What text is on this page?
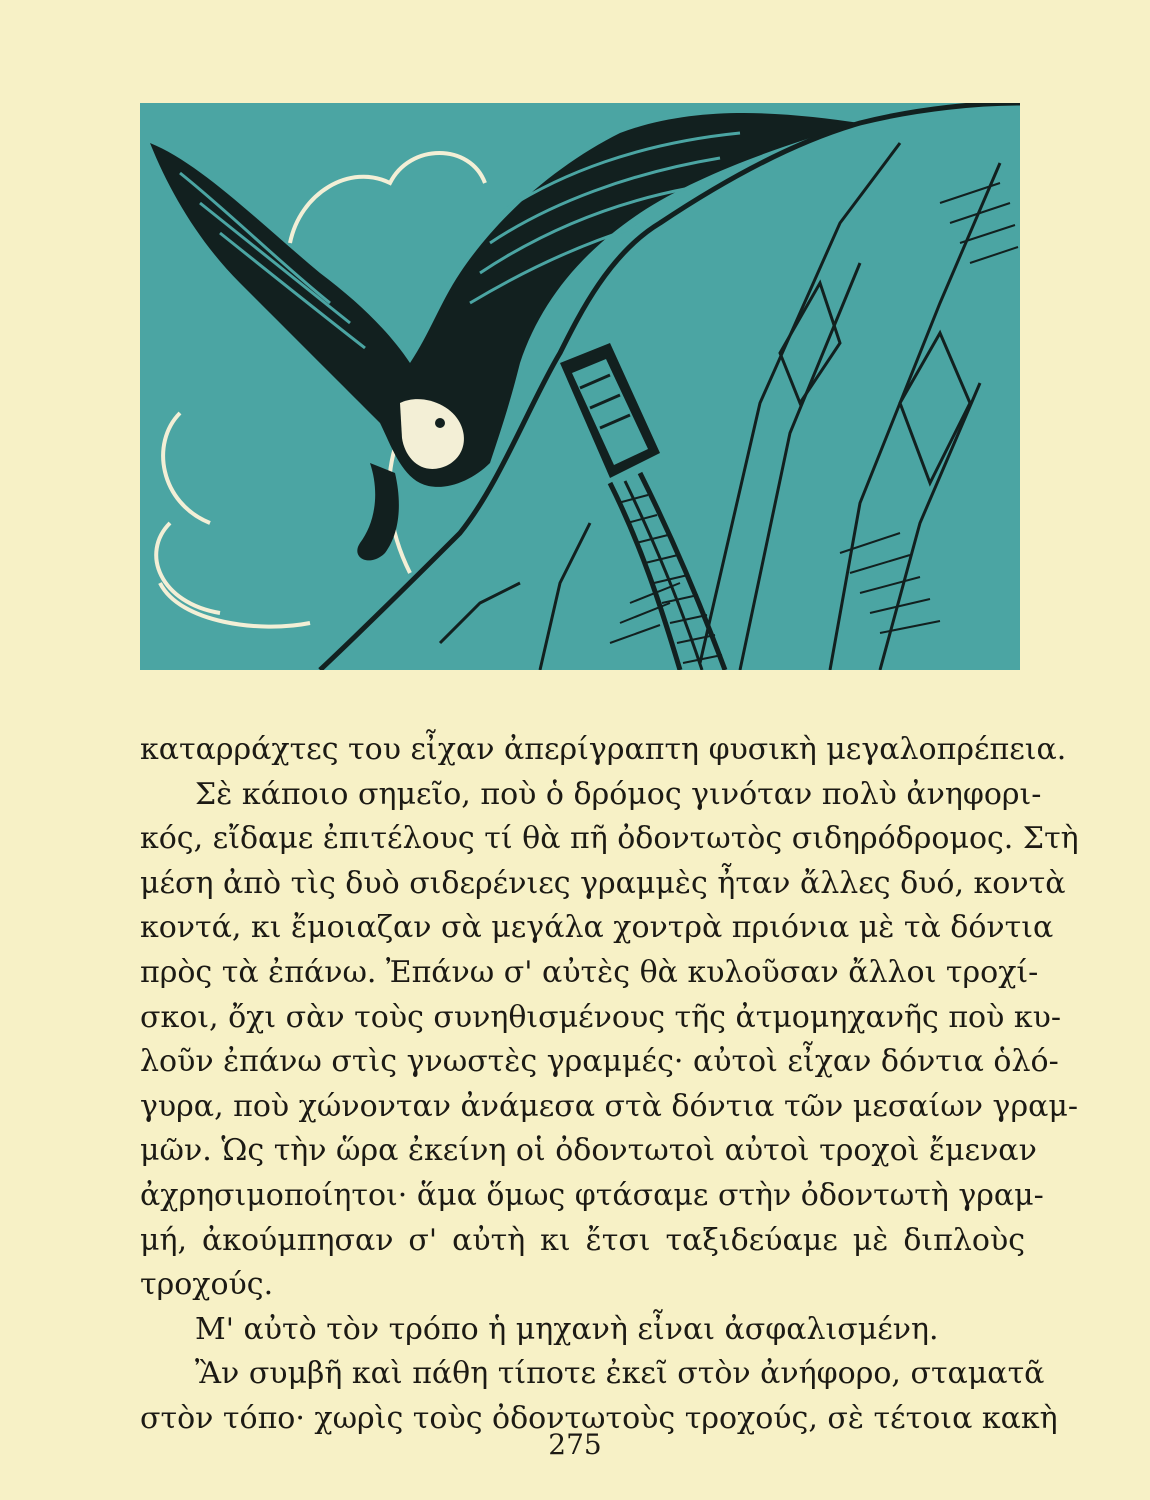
καταρράχτες του εἶχαν ἀπερίγραπτη φυσικὴ μεγαλοπρέπεια.
Σὲ κάποιο σημεῖο, ποὺ ὁ δρόμος γινόταν πολὺ ἀνηφορι-
κός, εἴδαμε ἐπιτέλους τί θὰ πῆ ὀδοντωτὸς σιδηρόδρομος. Στὴ
μέση ἀπὸ τὶς δυὸ σιδερένιες γραμμὲς ἦταν ἄλλες δυό, κοντὰ
κοντά, κι ἔμοιαζαν σὰ μεγάλα χοντρὰ πριόνια μὲ τὰ δόντια
πρὸς τὰ ἐπάνω. Ἐπάνω σ' αὐτὲς θὰ κυλοῦσαν ἄλλοι τροχί-
σκοι, ὄχι σὰν τοὺς συνηθισμένους τῆς ἀτμομηχανῆς ποὺ κυ-
λοῦν ἐπάνω στὶς γνωστὲς γραμμές· αὐτοὶ εἶχαν δόντια ὁλό-
γυρα, ποὺ χώνονταν ἀνάμεσα στὰ δόντια τῶν μεσαίων γραμ-
μῶν. Ὡς τὴν ὥρα ἐκείνη οἱ ὀδοντωτοὶ αὐτοὶ τροχοὶ ἔμεναν
ἀχρησιμοποίητοι· ἅμα ὅμως φτάσαμε στὴν ὀδοντωτὴ γραμ-
μή, ἀκούμπησαν σ' αὐτὴ κι ἔτσι ταξιδεύαμε μὲ διπλοὺς
τροχούς.
Μ' αὐτὸ τὸν τρόπο ἡ μηχανὴ εἶναι ἀσφαλισμένη.
Ἂν συμβῆ καὶ πάθη τίποτε ἐκεῖ στὸν ἀνήφορο, σταματᾶ
στὸν τόπο· χωρὶς τοὺς ὀδοντωτοὺς τροχούς, σὲ τέτοια κακὴ
275
